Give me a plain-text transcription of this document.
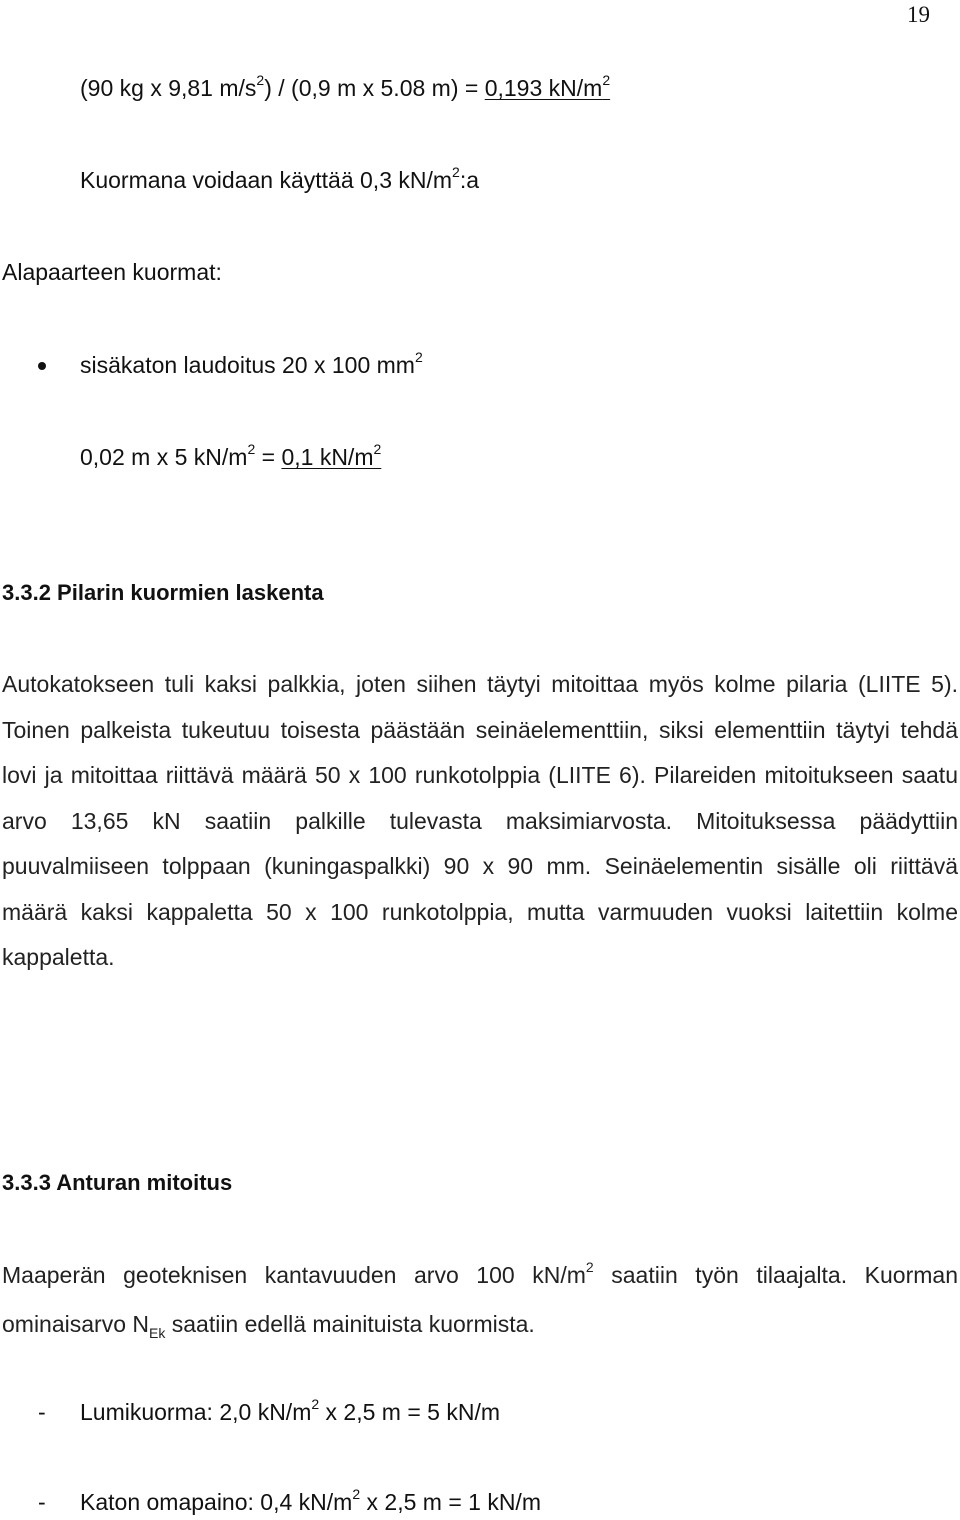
19
(90 kg x 9,81 $m/s^2) / (0,9$ m x 5.08 m) = 0,193 $kN/m^2$
Kuormana voidaan käyttää 0,3 $kN/m^2:a$
Alapaarteen kuormat:
sisäkaton laudoitus 20 x 100 $mm^2$
0,02 m x 5 $kN/m^2 = 0,1$ $kN/m^2$
3.3.2 Pilarin kuormien laskenta
Autokatokseen tuli kaksi palkkia, joten siihen täytyi mitoittaa myös kolme pilaria (LIITE 5). Toinen palkeista tukeutuu toisesta päästään seinäelementtiin, siksi elementtiin täytyi tehdä lovi ja mitoittaa riittävä määrä 50 x 100 runkotolppia (LIITE 6). Pilareiden mitoitukseen saatu arvo 13,65 kN saatiin palkille tulevasta maksimiarvosta. Mitoituksessa päädyttiin puuvalmiiseen tolppaan (kuningaspalkki) 90 x 90 mm. Seinäelementin sisälle oli riittävä määrä kaksi kappaletta 50 x 100 runkotolppia, mutta varmuuden vuoksi laitettiin kolme kappaletta.
3.3.3 Anturan mitoitus
Maaperän geoteknisen kantavuuden arvo 100 $kN/m^2$ saatiin työn tilaajalta. Kuorman ominaisarvo $N_{Ek}$ saatiin edellä mainituista kuormista.
- Lumikuorma: 2,0 $kN/m^2$ x 2,5 m = 5 kN/m
- Katon omapaino: 0,4 $kN/m^2$ x 2,5 m = 1 kN/m
